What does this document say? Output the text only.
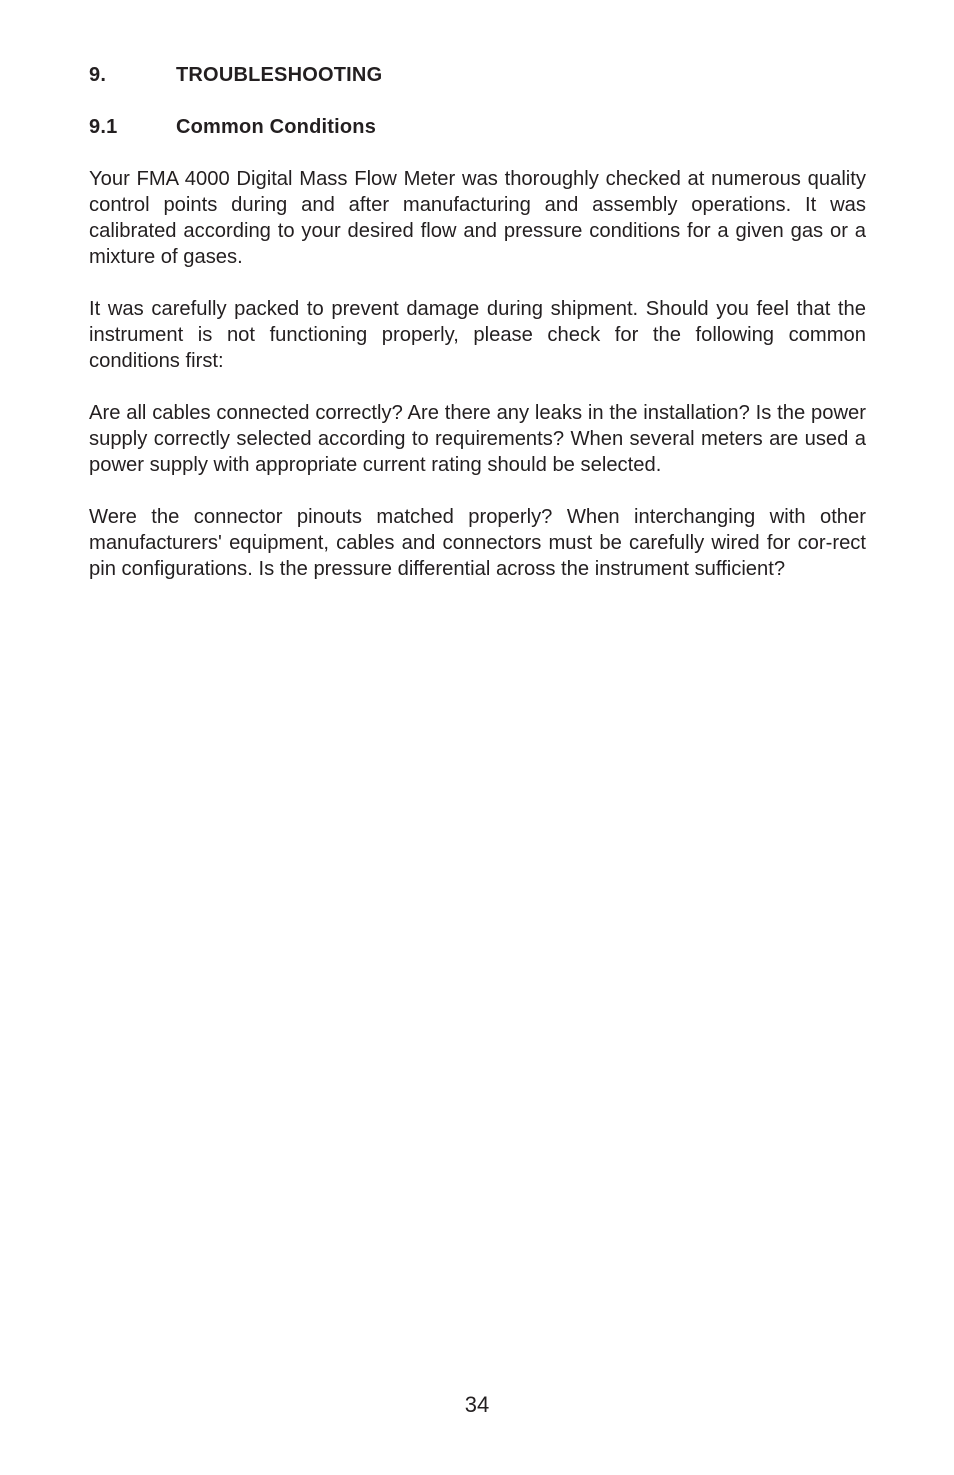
9.	TROUBLESHOOTING
9.1	Common Conditions

Your FMA 4000 Digital Mass Flow Meter was thoroughly checked at numerous quality control points during and after manufacturing and assembly operations. It was calibrated according to your desired flow and pressure conditions for a given gas or a mixture of gases.

It was carefully packed to prevent damage during shipment. Should you feel that the instrument is not functioning properly, please check for the following common conditions first:

Are all cables connected correctly? Are there any leaks in the installation? Is the power supply correctly selected according to requirements? When several meters are used a power supply with appropriate current rating should be selected.

Were the connector pinouts matched properly? When interchanging with other manufacturers' equipment, cables and connectors must be carefully wired for cor-rect pin configurations. Is the pressure differential across the instrument sufficient?

34
